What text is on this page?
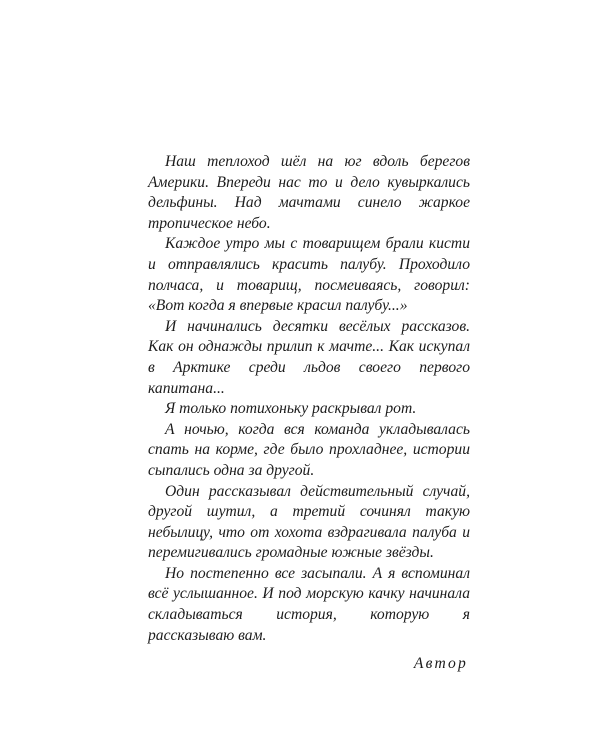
Наш теплоход шёл на юг вдоль берегов Америки. Впереди нас то и дело кувыркались дельфины. Над мачтами синело жаркое тропическое небо.

Каждое утро мы с товарищем брали кисти и отправлялись красить палубу. Проходило полчаса, и товарищ, посмеиваясь, говорил: «Вот когда я впервые красил палубу...»

И начинались десятки весёлых рассказов. Как он однажды прилип к мачте... Как искупал в Арктике среди льдов своего первого капитана...

Я только потихоньку раскрывал рот.

А ночью, когда вся команда укладывалась спать на корме, где было прохладнее, истории сыпались одна за другой.

Один рассказывал действительный случай, другой шутил, а третий сочинял такую небылицу, что от хохота вздрагивала палуба и перемигивались громадные южные звёзды.

Но постепенно все засыпали. А я вспоминал всё услышанное. И под морскую качку начинала складываться история, которую я рассказываю вам.

Автор
